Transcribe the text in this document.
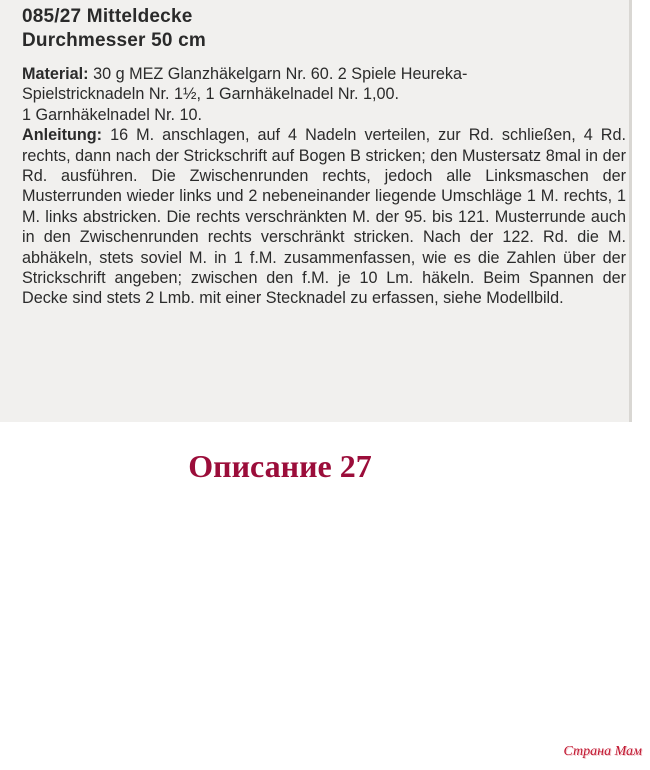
085/27 Mitteldecke
Durchmesser 50 cm

Material: 30 g MEZ Glanzhäkelgarn Nr. 60. 2 Spiele Heureka-
Spielstricknadeln Nr. 1½, 1 Garnhäkelnadel Nr. 1,00.
1 Garnhäkelnadel Nr. 10.

Anleitung: 16 M. anschlagen, auf 4 Nadeln verteilen, zur Rd. schließen, 4 Rd. rechts, dann nach der Strickschrift auf Bogen B stricken; den Mustersatz 8mal in der Rd. ausführen. Die Zwischenrunden rechts, jedoch alle Linksmaschen der Musterrunden wieder links und 2 nebeneinander liegende Umschläge 1 M. rechts, 1 M. links abstricken. Die rechts verschränkten M. der 95. bis 121. Musterrunde auch in den Zwischenrunden rechts verschränkt stricken. Nach der 122. Rd. die M. abhäkeln, stets soviel M. in 1 f.M. zusammenfassen, wie es die Zahlen über der Strickschrift angeben; zwischen den f.M. je 10 Lm. häkeln. Beim Spannen der Decke sind stets 2 Lmb. mit einer Stecknadel zu erfassen, siehe Modellbild.

Описание 27
Страна Мам
